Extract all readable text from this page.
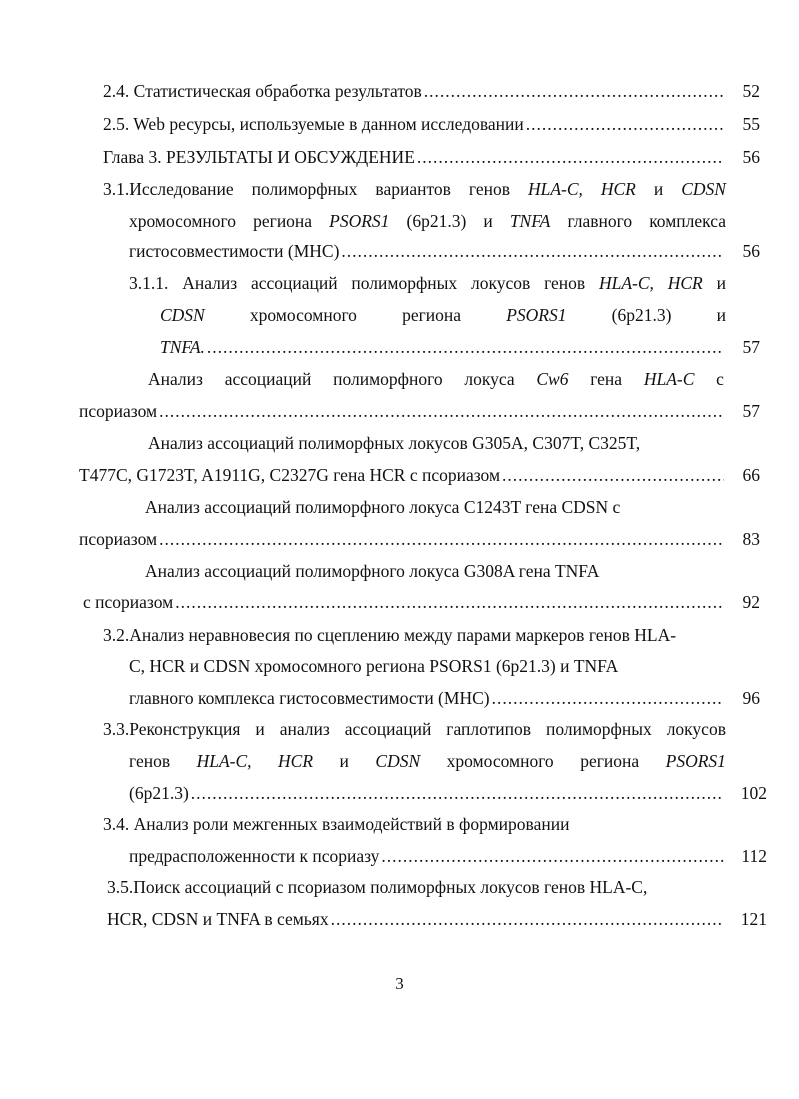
2.4. Статистическая обработка результатов .....	52
2.5. Web ресурсы, используемые в данном исследовании .....	55
Глава 3. РЕЗУЛЬТАТЫ И ОБСУЖДЕНИЕ .....	56
3.1.Исследование полиморфных вариантов генов HLA-C, HCR и CDSN
хромосомного региона PSORS1 (6р21.3) и TNFA главного комплекса
гистосовместимости (МНС) .....	56
3.1.1. Анализ ассоциаций полиморфных локусов генов HLA-C, HCR и
CDSN	хромосомного	региона	PSORS1	(6р21.3)	и
TNFA. .....	57
Анализ ассоциаций полиморфного локуса Cw6 гена HLA-C с
псориазом .....	57
Анализ ассоциаций полиморфных локусов G305A, C307T, C325T,
T477C, G1723T, A1911G, C2327G гена HCR с псориазом .....	66
Анализ ассоциаций полиморфного локуса C1243T гена CDSN с
псориазом .....	83
Анализ ассоциаций полиморфного локуса G308A гена TNFA
с псориазом .....	92
3.2.Анализ неравновесия по сцеплению между парами маркеров генов HLA-
C, HCR и CDSN хромосомного региона PSORS1 (6р21.3) и TNFA
главного комплекса гистосовместимости (МНС) .....	96
3.3.Реконструкция и анализ ассоциаций гаплотипов полиморфных локусов
генов HLA-C, HCR и CDSN хромосомного региона PSORS1
(6р21.3) .....	102
3.4. Анализ роли межгенных взаимодействий в формировании
предрасположенности к псориазу .....	112
3.5.Поиск ассоциаций с псориазом полиморфных локусов генов HLA-C,
HCR, CDSN и TNFA в семьях .....	121
3
